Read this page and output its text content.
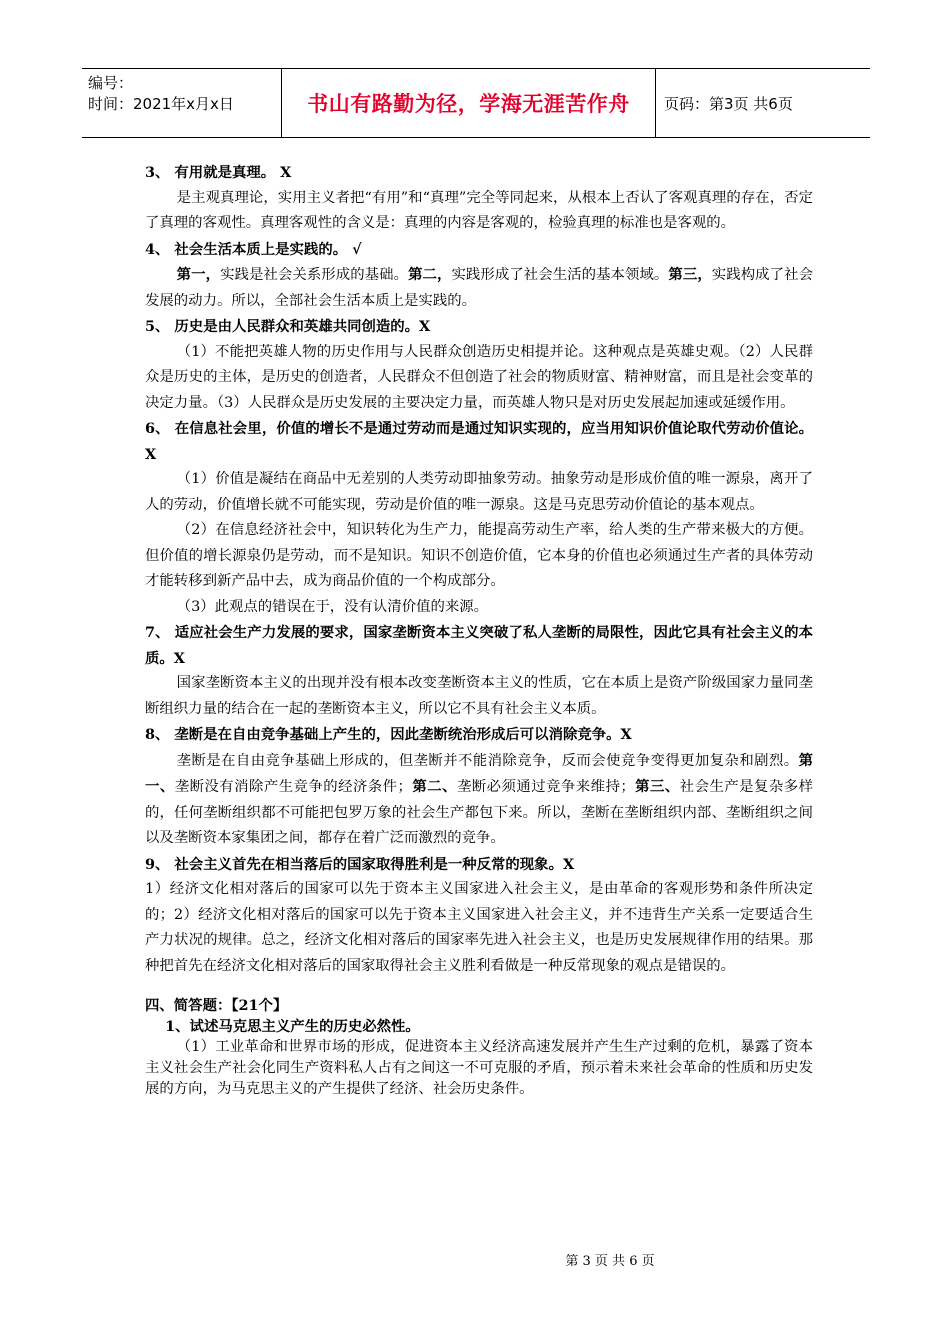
编号：
时间：2021年x月x日	书山有路勤为径，学海无涯苦作舟	页码：第3页 共6页

3、 有用就是真理。 X

是主观真理论，实用主义者把“有用”和“真理”完全等同起来，从根本上否认了客观真理的存在，否定了真理的客观性。真理客观性的含义是：真理的内容是客观的，检验真理的标准也是客观的。

4、 社会生活本质上是实践的。 √

第一，实践是社会关系形成的基础。第二，实践形成了社会生活的基本领域。第三，实践构成了社会发展的动力。所以，全部社会生活本质上是实践的。

5、 历史是由人民群众和英雄共同创造的。X

（1）不能把英雄人物的历史作用与人民群众创造历史相提并论。这种观点是英雄史观。（2）人民群众是历史的主体，是历史的创造者，人民群众不但创造了社会的物质财富、精神财富，而且是社会变革的决定力量。（3）人民群众是历史发展的主要决定力量，而英雄人物只是对历史发展起加速或延缓作用。

6、 在信息社会里，价值的增长不是通过劳动而是通过知识实现的，应当用知识价值论取代劳动价值论。X

（1）价值是凝结在商品中无差别的人类劳动即抽象劳动。抽象劳动是形成价值的唯一源泉，离开了人的劳动，价值增长就不可能实现，劳动是价值的唯一源泉。这是马克思劳动价值论的基本观点。

（2）在信息经济社会中，知识转化为生产力，能提高劳动生产率，给人类的生产带来极大的方便。但价值的增长源泉仍是劳动，而不是知识。知识不创造价值，它本身的价值也必须通过生产者的具体劳动才能转移到新产品中去，成为商品价值的一个构成部分。

（3）此观点的错误在于，没有认清价值的来源。

7、 适应社会生产力发展的要求，国家垄断资本主义突破了私人垄断的局限性，因此它具有社会主义的本质。X

国家垄断资本主义的出现并没有根本改变垄断资本主义的性质，它在本质上是资产阶级国家力量同垄断组织力量的结合在一起的垄断资本主义，所以它不具有社会主义本质。

8、 垄断是在自由竞争基础上产生的，因此垄断统治形成后可以消除竞争。X

垄断是在自由竞争基础上形成的，但垄断并不能消除竞争，反而会使竞争变得更加复杂和剧烈。第一、垄断没有消除产生竞争的经济条件；第二、垄断必须通过竞争来维持；第三、社会生产是复杂多样的，任何垄断组织都不可能把包罗万象的社会生产都包下来。所以，垄断在垄断组织内部、垄断组织之间以及垄断资本家集团之间，都存在着广泛而激烈的竞争。

9、 社会主义首先在相当落后的国家取得胜利是一种反常的现象。X

1）经济文化相对落后的国家可以先于资本主义国家进入社会主义，是由革命的客观形势和条件所决定的；2）经济文化相对落后的国家可以先于资本主义国家进入社会主义，并不违背生产关系一定要适合生产力状况的规律。总之，经济文化相对落后的国家率先进入社会主义，也是历史发展规律作用的结果。那种把首先在经济文化相对落后的国家取得社会主义胜利看做是一种反常现象的观点是错误的。

四、简答题：【21个】

1、试述马克思主义产生的历史必然性。

（1）工业革命和世界市场的形成，促进资本主义经济高速发展并产生生产过剩的危机，暴露了资本主义社会生产社会化同生产资料私人占有之间这一不可克服的矛盾，预示着未来社会革命的性质和历史发展的方向，为马克思主义的产生提供了经济、社会历史条件。

第 3 页 共 6 页
